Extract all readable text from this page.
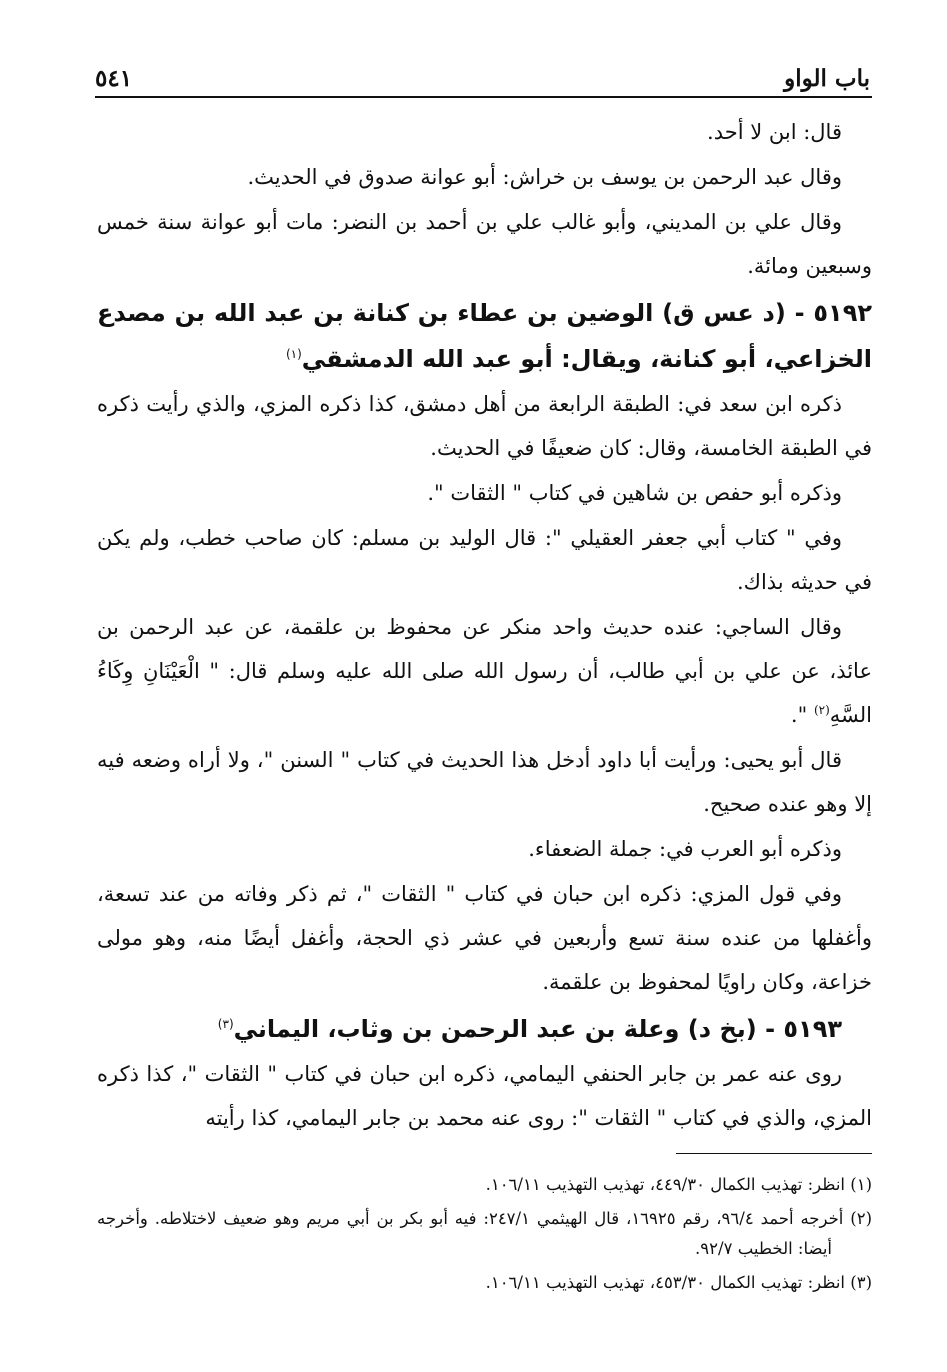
باب الواو
٥٤١

قال: ابن لا أحد.

وقال عبد الرحمن بن يوسف بن خراش: أبو عوانة صدوق في الحديث.

وقال علي بن المديني، وأبو غالب علي بن أحمد بن النضر: مات أبو عوانة سنة خمس وسبعين ومائة.

٥١٩٢ - (د عس ق) الوضين بن عطاء بن كنانة بن عبد الله بن مصدع الخزاعي، أبو كنانة، ويقال: أبو عبد الله الدمشقي$^{(١)}$

ذكره ابن سعد في: الطبقة الرابعة من أهل دمشق، كذا ذكره المزي، والذي رأيت ذكره في الطبقة الخامسة، وقال: كان ضعيفًا في الحديث.

وذكره أبو حفص بن شاهين في كتاب " الثقات ".

وفي " كتاب أبي جعفر العقيلي ": قال الوليد بن مسلم: كان صاحب خطب، ولم يكن في حديثه بذاك.

وقال الساجي: عنده حديث واحد منكر عن محفوظ بن علقمة، عن عبد الرحمن بن عائذ، عن علي بن أبي طالب، أن رسول الله صلى الله عليه وسلم قال: " الْعَيْنَانِ وِكَاءُ السَّهِ$^{(٢)}$ ".

قال أبو يحيى: ورأيت أبا داود أدخل هذا الحديث في كتاب " السنن "، ولا أراه وضعه فيه إلا وهو عنده صحيح.

وذكره أبو العرب في: جملة الضعفاء.

وفي قول المزي: ذكره ابن حبان في كتاب " الثقات "، ثم ذكر وفاته من عند تسعة، وأغفلها من عنده سنة تسع وأربعين في عشر ذي الحجة، وأغفل أيضًا منه، وهو مولى خزاعة، وكان راويًا لمحفوظ بن علقمة.

٥١٩٣ - (بخ د) وعلة بن عبد الرحمن بن وثاب، اليماني$^{(٣)}$

روى عنه عمر بن جابر الحنفي اليمامي، ذكره ابن حبان في كتاب " الثقات "، كذا ذكره المزي، والذي في كتاب " الثقات ": روى عنه محمد بن جابر اليمامي، كذا رأيته

(١) انظر: تهذيب الكمال ٤٤٩/٣٠، تهذيب التهذيب ١٠٦/١١.

(٢) أخرجه أحمد ٩٦/٤، رقم ١٦٩٢٥، قال الهيثمي ٢٤٧/١: فيه أبو بكر بن أبي مريم وهو ضعيف لاختلاطه. وأخرجه أيضا: الخطيب ٩٢/٧.

(٣) انظر: تهذيب الكمال ٤٥٣/٣٠، تهذيب التهذيب ١٠٦/١١.
